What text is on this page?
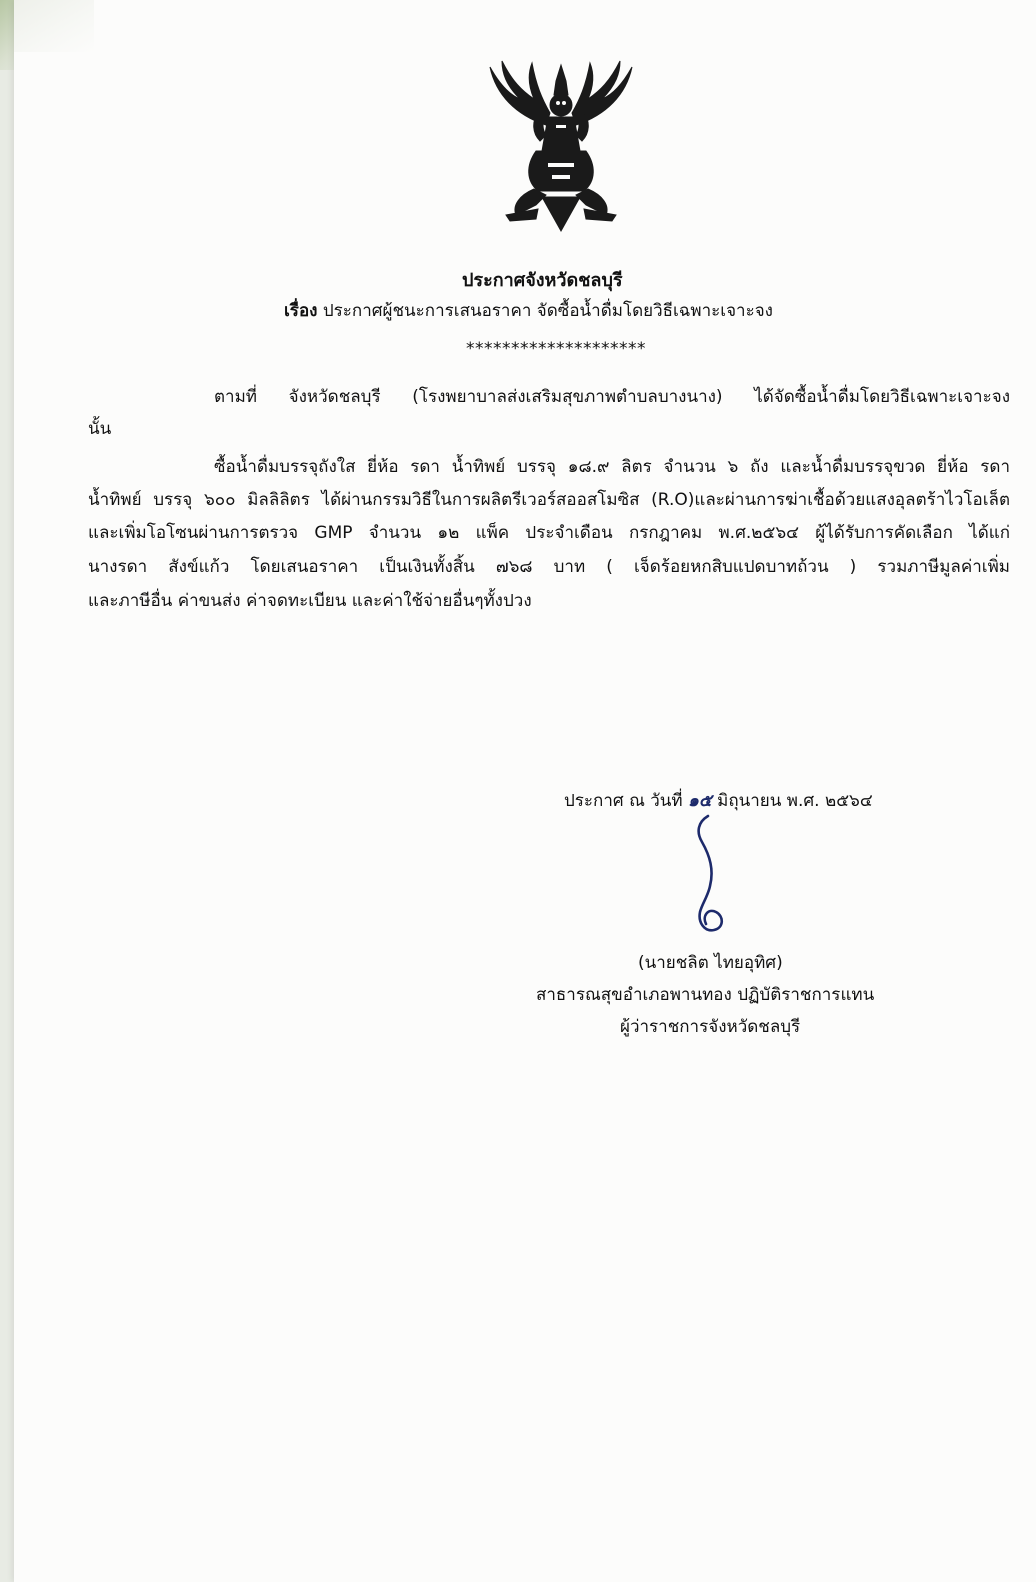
ประกาศจังหวัดชลบุรี
เรื่อง ประกาศผู้ชนะการเสนอราคา จัดซื้อน้ำดื่มโดยวิธีเฉพาะเจาะจง
********************
ตามที่ จังหวัดชลบุรี (โรงพยาบาลส่งเสริมสุขภาพตำบลบางนาง) ได้จัดซื้อน้ำดื่มโดยวิธีเฉพาะเจาะจง
นั้น
ซื้อน้ำดื่มบรรจุถังใส ยี่ห้อ รดา น้ำทิพย์ บรรจุ ๑๘.๙ ลิตร จำนวน ๖ ถัง และน้ำดื่มบรรจุขวด ยี่ห้อ รดา
น้ำทิพย์ บรรจุ ๖๐๐ มิลลิลิตร ได้ผ่านกรรมวิธีในการผลิตรีเวอร์สออสโมซิส (R.O)และผ่านการฆ่าเชื้อด้วยแสงอุลตร้าไวโอเล็ต
และเพิ่มโอโซนผ่านการตรวจ GMP จำนวน ๑๒ แพ็ค ประจำเดือน กรกฎาคม พ.ศ.๒๕๖๔ ผู้ได้รับการคัดเลือก ได้แก่
นางรดา สังข์แก้ว โดยเสนอราคา เป็นเงินทั้งสิ้น ๗๖๘ บาท ( เจ็ดร้อยหกสิบแปดบาทถ้วน ) รวมภาษีมูลค่าเพิ่ม
และภาษีอื่น ค่าขนส่ง ค่าจดทะเบียน และค่าใช้จ่ายอื่นๆทั้งปวง
ประกาศ ณ วันที่ ๑๕ มิถุนายน พ.ศ. ๒๕๖๔
(นายชลิต ไทยอุทิศ)
สาธารณสุขอำเภอพานทอง ปฏิบัติราชการแทน
ผู้ว่าราชการจังหวัดชลบุรี
